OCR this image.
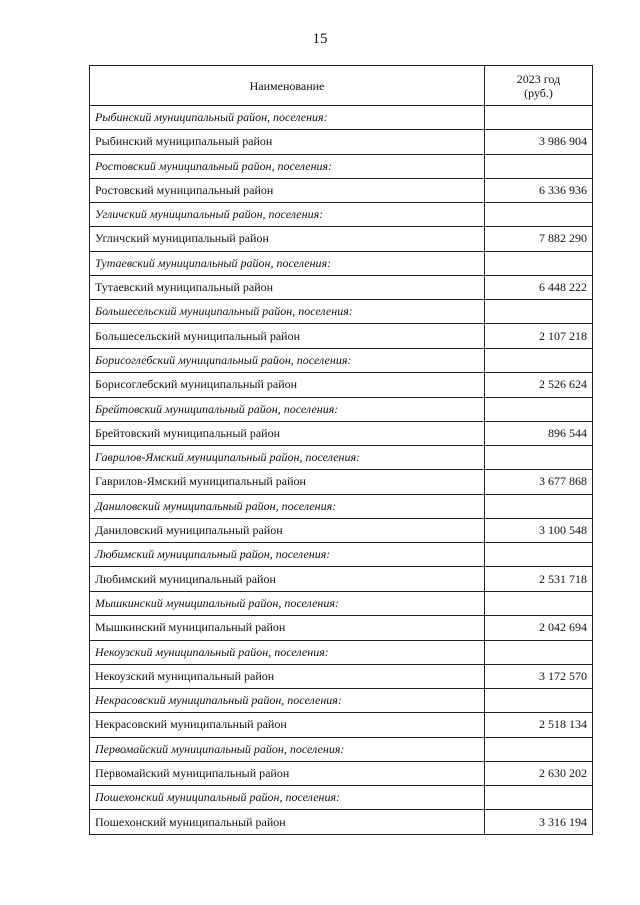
15
Наименование	2023 год
(руб.)
Рыбинский муниципальный район, поселения:	
Рыбинский муниципальный район	3 986 904
Ростовский муниципальный район, поселения:	
Ростовский муниципальный район	6 336 936
Угличский муниципальный район, поселения:	
Угличский муниципальный район	7 882 290
Тутаевский муниципальный район, поселения:	
Тутаевский муниципальный район	6 448 222
Большесельский муниципальный район, поселения:	
Большесельский муниципальный район	2 107 218
Борисоглебский муниципальный район, поселения:	
Борисоглебский муниципальный район	2 526 624
Брейтовский муниципальный район, поселения:	
Брейтовский муниципальный район	896 544
Гаврилов-Ямский муниципальный район, поселения:	
Гаврилов-Ямский муниципальный район	3 677 868
Даниловский муниципальный район, поселения:	
Даниловский муниципальный район	3 100 548
Любимский муниципальный район, поселения:	
Любимский муниципальный район	2 531 718
Мышкинский муниципальный район, поселения:	
Мышкинский муниципальный район	2 042 694
Некоузский муниципальный район, поселения:	
Некоузский муниципальный район	3 172 570
Некрасовский муниципальный район, поселения:	
Некрасовский муниципальный район	2 518 134
Первомайский муниципальный район, поселения:	
Первомайский муниципальный район	2 630 202
Пошехонский муниципальный район, поселения:	
Пошехонский муниципальный район	3 316 194
